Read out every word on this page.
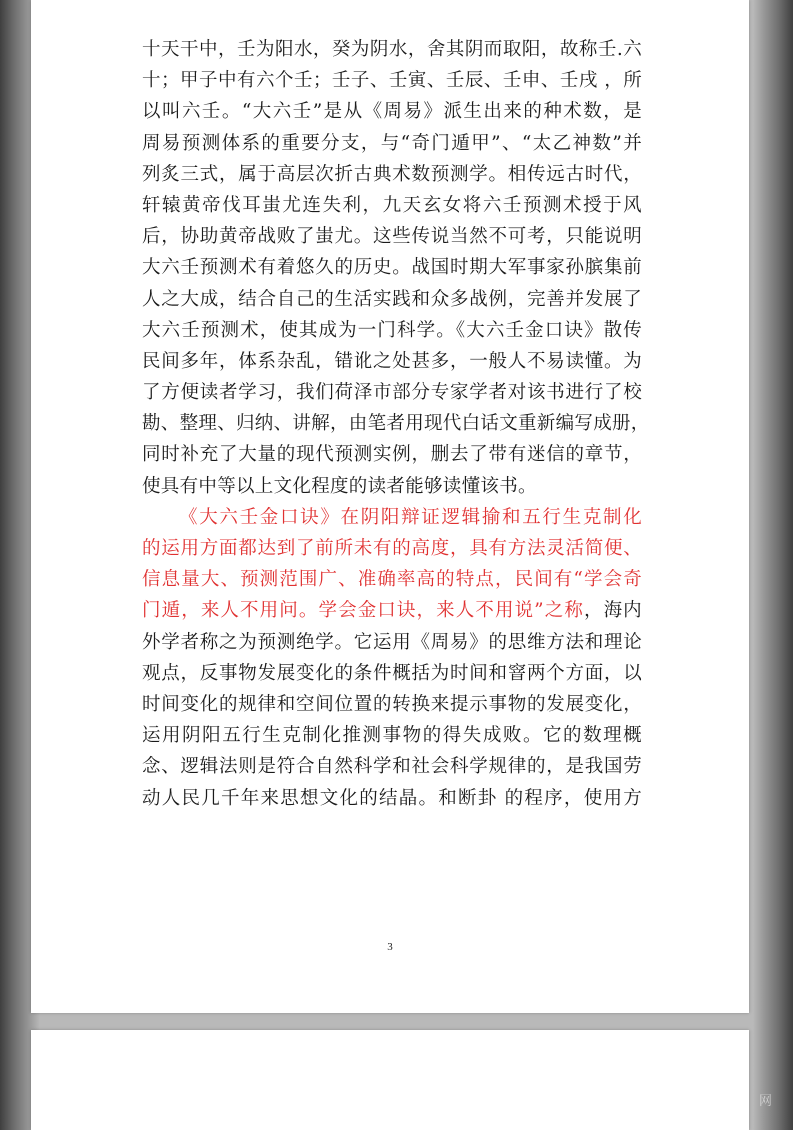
十天干中，壬为阳水，癸为阴水，舍其阴而取阳，故称壬.六
十；甲子中有六个壬；壬子、壬寅、壬辰、壬申、壬戌 ，所
以叫六壬。“大六壬”是从《周易》派生出来的种术数，是
周易预测体系的重要分支，与“奇门遁甲”、“太乙神数”并
列炙三式，属于高层次折古典术数预测学。相传远古时代，
轩辕黄帝伐耳蚩尤连失利，九天玄女将六壬预测术授于风
后，协助黄帝战败了蚩尤。这些传说当然不可考，只能说明
大六壬预测术有着悠久的历史。战国时期大军事家孙膑集前
人之大成，结合自己的生活实践和众多战例，完善并发展了
大六壬预测术，使其成为一门科学。《大六壬金口诀》散传
民间多年，体系杂乱，错讹之处甚多，一般人不易读懂。为
了方便读者学习，我们荷泽市部分专家学者对该书进行了校
勘、整理、归纳、讲解，由笔者用现代白话文重新编写成册，
同时补充了大量的现代预测实例，删去了带有迷信的章节，
使具有中等以上文化程度的读者能够读懂该书。
《大六壬金口诀》在阴阳辩证逻辑揄和五行生克制化
的运用方面都达到了前所未有的高度，具有方法灵活简便、
信息量大、预测范围广、准确率高的特点，民间有“学会奇
门遁，来人不用问。学会金口诀，来人不用说”之称，海内
外学者称之为预测绝学。它运用《周易》的思维方法和理论
观点，反事物发展变化的条件概括为时间和窨两个方面，以
时间变化的规律和空间位置的转换来提示事物的发展变化，
运用阴阳五行生克制化推测事物的得失成败。它的数理概
念、逻辑法则是符合自然科学和社会科学规律的，是我国劳
动人民几千年来思想文化的结晶。和断卦 的程序，使用方
3
网
